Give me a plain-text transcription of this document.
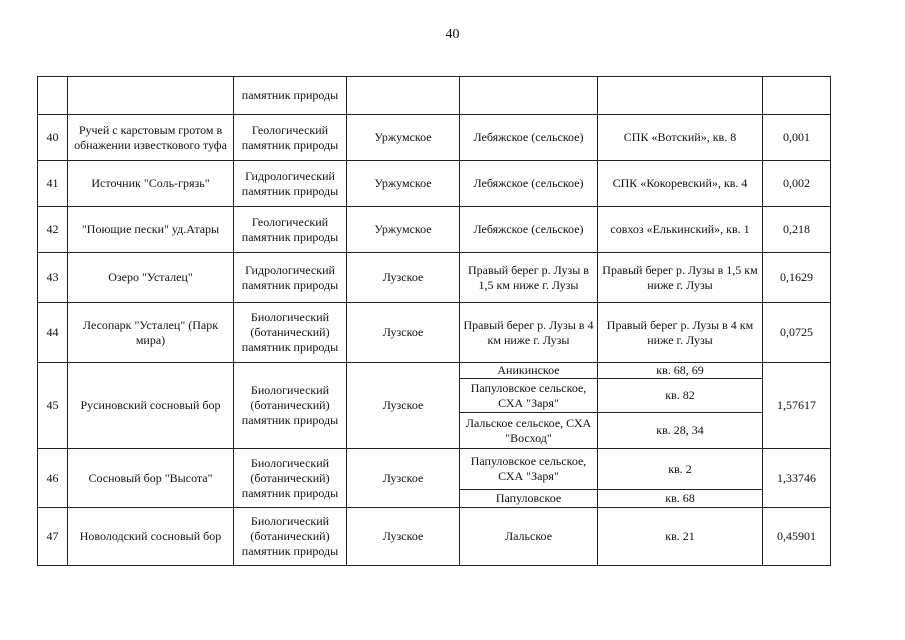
40
		памятник природы				
40	Ручей с карстовым гротом в обнажении известкового туфа	Геологический памятник природы	Уржумское	Лебяжское (сельское)	СПК «Вотский», кв. 8	0,001
41	Источник "Соль-грязь"	Гидрологический памятник природы	Уржумское	Лебяжское (сельское)	СПК «Кокоревский», кв. 4	0,002
42	"Поющие пески" уд.Атары	Геологический памятник природы	Уржумское	Лебяжское (сельское)	совхоз «Елькинский», кв. 1	0,218
43	Озеро "Усталец"	Гидрологический памятник природы	Лузское	Правый берег р. Лузы в 1,5 км ниже г. Лузы	Правый берег р. Лузы в 1,5 км ниже г. Лузы	0,1629
44	Лесопарк "Усталец" (Парк мира)	Биологический (ботанический) памятник природы	Лузское	Правый берег р. Лузы в 4 км ниже г. Лузы	Правый берег р. Лузы в 4 км ниже г. Лузы	0,0725
45	Русиновский сосновый бор	Биологический (ботанический) памятник природы	Лузское	Аникинское	кв. 68, 69	1,57617
				Папуловское сельское, СХА "Заря"	кв. 82	
				Лальское сельское, СХА "Восход"	кв. 28, 34	
46	Сосновый бор "Высота"	Биологический (ботанический) памятник природы	Лузское	Папуловское сельское, СХА "Заря"	кв. 2	1,33746
				Папуловское	кв. 68	
47	Новолодский сосновый бор	Биологический (ботанический) памятник природы	Лузское	Лальское	кв. 21	0,45901
